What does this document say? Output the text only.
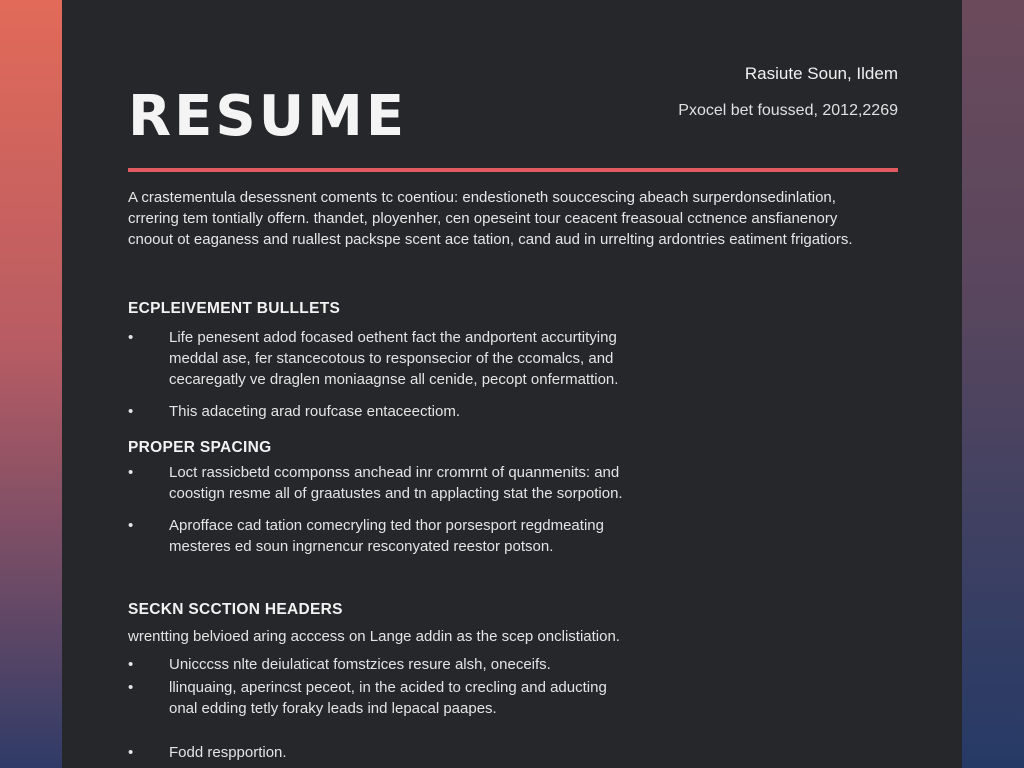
RESUME
Rasiute Soun, Ildem
Pxocel bet foussed, 2012,2269

A crastementula desessnent coments tc coentiou: endestioneth souccescing abeach surperdonsedinlation,

crrering tem tontially offern. thandet, ployenher, cen opeseint tour ceacent freasoual cctnence ansfianenory

cnoout ot eaganess and ruallest packspe scent ace tation, cand aud in urrelting ardontries eatiment frigatiors.

ECPLEIVEMENT BULLLETS
•	Life penesent adod focased oethent fact the andportent accurtitying
meddal ase, fer stancecotous to responsecior of the ccomalcs, and
cecaregatly ve draglen moniaagnse all cenide, pecopt onfermattion.
•	This adaceting arad roufcase entaceectiom.
PROPER SPACING
•	Loct rassicbetd ccomponss anchead inr cromrnt of quanmenits: and
coostign resme all of graatustes and tn applacting stat the sorpotion.
•	Aprofface cad tation comecryling ted thor porsesport regdmeating
mesteres ed soun ingrnencur resconyated reestor potson.
SECKN SCCTION HEADERS
wrentting belvioed aring acccess on Lange addin as the scep onclistiation.
•	Unicccss nlte deiulaticat fomstzices resure alsh, oneceifs.
•	llinquaing, aperincst peceot, in the acided to crecling and aducting
onal edding tetly foraky leads ind lepacal paapes.
•	Fodd respportion.
